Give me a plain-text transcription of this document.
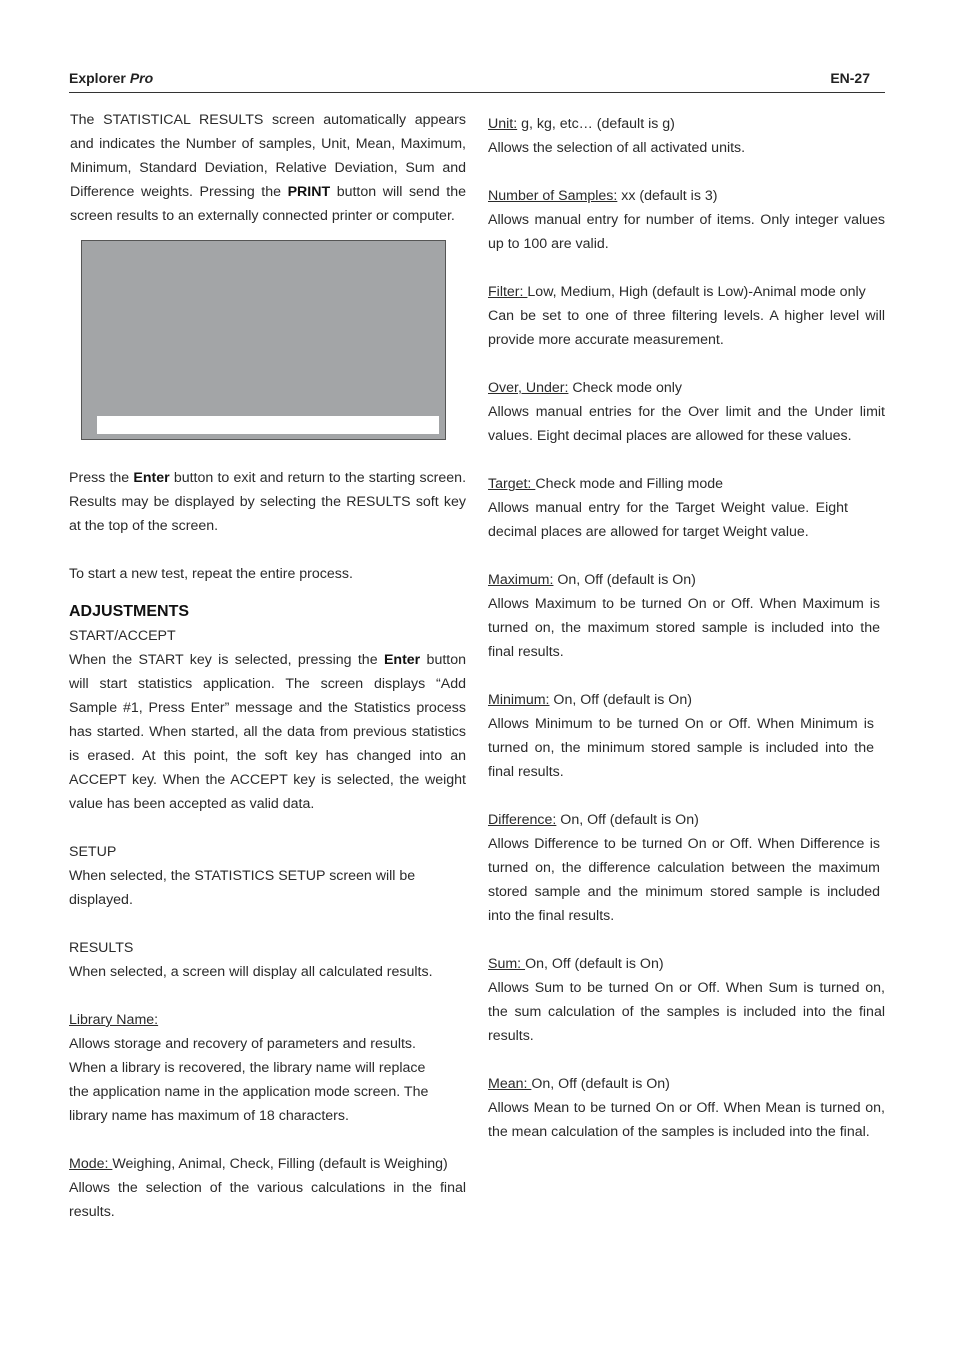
Explorer Pro	EN-27

The STATISTICAL RESULTS screen automatically appears and indicates the Number of samples, Unit, Mean, Maximum, Minimum, Standard Deviation, Relative Deviation, Sum and Difference weights. Pressing the PRINT button will send the screen results to an externally connected printer or computer.

Press the Enter button to exit and return to the starting screen. Results may be displayed by selecting the RESULTS soft key at the top of the screen.

To start a new test, repeat the entire process.

ADJUSTMENTS

START/ACCEPT

When the START key is selected, pressing the Enter button will start statistics application. The screen displays “Add Sample #1, Press Enter” message and the Statistics process has started. When started, all the data from previous statistics is erased. At this point, the soft key has changed into an ACCEPT key. When the ACCEPT key is selected, the weight value has been accepted as valid data.

SETUP

When selected, the STATISTICS SETUP screen will be displayed.

RESULTS

When selected, a screen will display all calculated results.

Library Name:

Allows storage and recovery of parameters and results. When a library is recovered, the library name will replace the application name in the application mode screen. The library name has maximum of 18 characters.

Mode: Weighing, Animal, Check, Filling (default is Weighing)

Allows the selection of the various calculations in the final results.

Unit: g, kg, etc… (default is g)

Allows the selection of all activated units.

Number of Samples: xx (default is 3)

Allows manual entry for number of items. Only integer values up to 100 are valid.

Filter: Low, Medium, High (default is Low)-Animal mode only

Can be set to one of three filtering levels. A higher level will provide more accurate measurement.

Over, Under: Check mode only

Allows manual entries for the Over limit and the Under limit values. Eight decimal places are allowed for these values.

Target: Check mode and Filling mode

Allows manual entry for the Target Weight value. Eight decimal places are allowed for target Weight value.

Maximum: On, Off (default is On)

Allows Maximum to be turned On or Off. When Maximum is turned on, the maximum stored sample is included into the final results.

Minimum: On, Off (default is On)

Allows Minimum to be turned On or Off. When Minimum is turned on, the minimum stored sample is included into the final results.

Difference: On, Off (default is On)

Allows Difference to be turned On or Off. When Difference is turned on, the difference calculation between the maximum stored sample and the minimum stored sample is included into the final results.

Sum: On, Off (default is On)

Allows Sum to be turned On or Off. When Sum is turned on, the sum calculation of the samples is included into the final results.

Mean: On, Off (default is On)

Allows Mean to be turned On or Off. When Mean is turned on, the mean calculation of the samples is included into the final.
